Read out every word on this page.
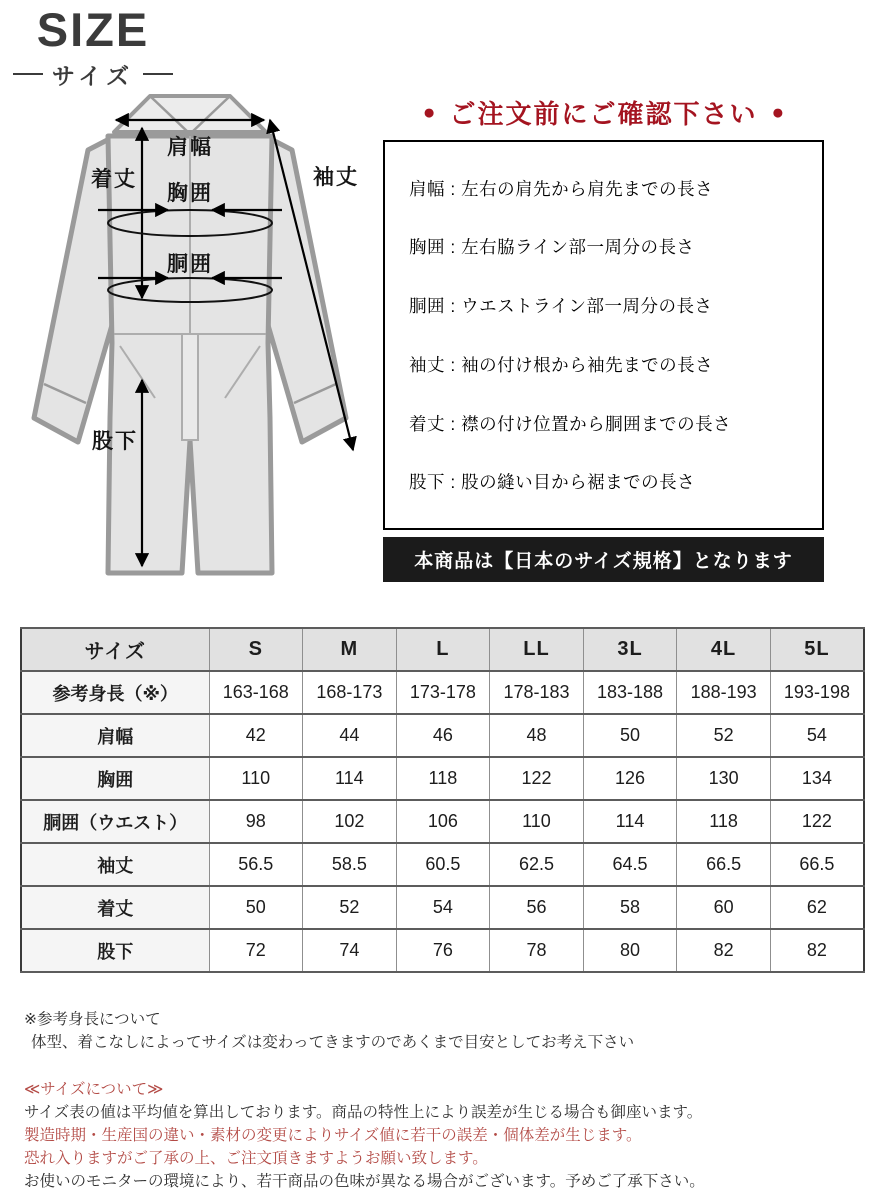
SIZE
サイズ
肩幅
着丈	袖丈
胸囲
胴囲
股下
● ご注文前にご確認下さい ●
肩幅 : 左右の肩先から肩先までの長さ
胸囲 : 左右脇ライン部一周分の長さ
胴囲 : ウエストライン部一周分の長さ
袖丈 : 袖の付け根から袖先までの長さ
着丈 : 襟の付け位置から胴囲までの長さ
股下 : 股の縫い目から裾までの長さ
本商品は【日本のサイズ規格】となります
サイズ	S	M	L	LL	3L	4L	5L
参考身長（※）	163-168	168-173	173-178	178-183	183-188	188-193	193-198
肩幅	42	44	46	48	50	52	54
胸囲	110	114	118	122	126	130	134
胴囲（ウエスト）	98	102	106	110	114	118	122
袖丈	56.5	58.5	60.5	62.5	64.5	66.5	66.5
着丈	50	52	54	56	58	60	62
股下	72	74	76	78	80	82	82
※参考身長について
体型、着こなしによってサイズは変わってきますのであくまで目安としてお考え下さい
≪サイズについて≫
サイズ表の値は平均値を算出しております。商品の特性上により誤差が生じる場合も御座います。
製造時期・生産国の違い・素材の変更によりサイズ値に若干の誤差・個体差が生じます。
恐れ入りますがご了承の上、ご注文頂きますようお願い致します。
お使いのモニターの環境により、若干商品の色味が異なる場合がございます。予めご了承下さい。
